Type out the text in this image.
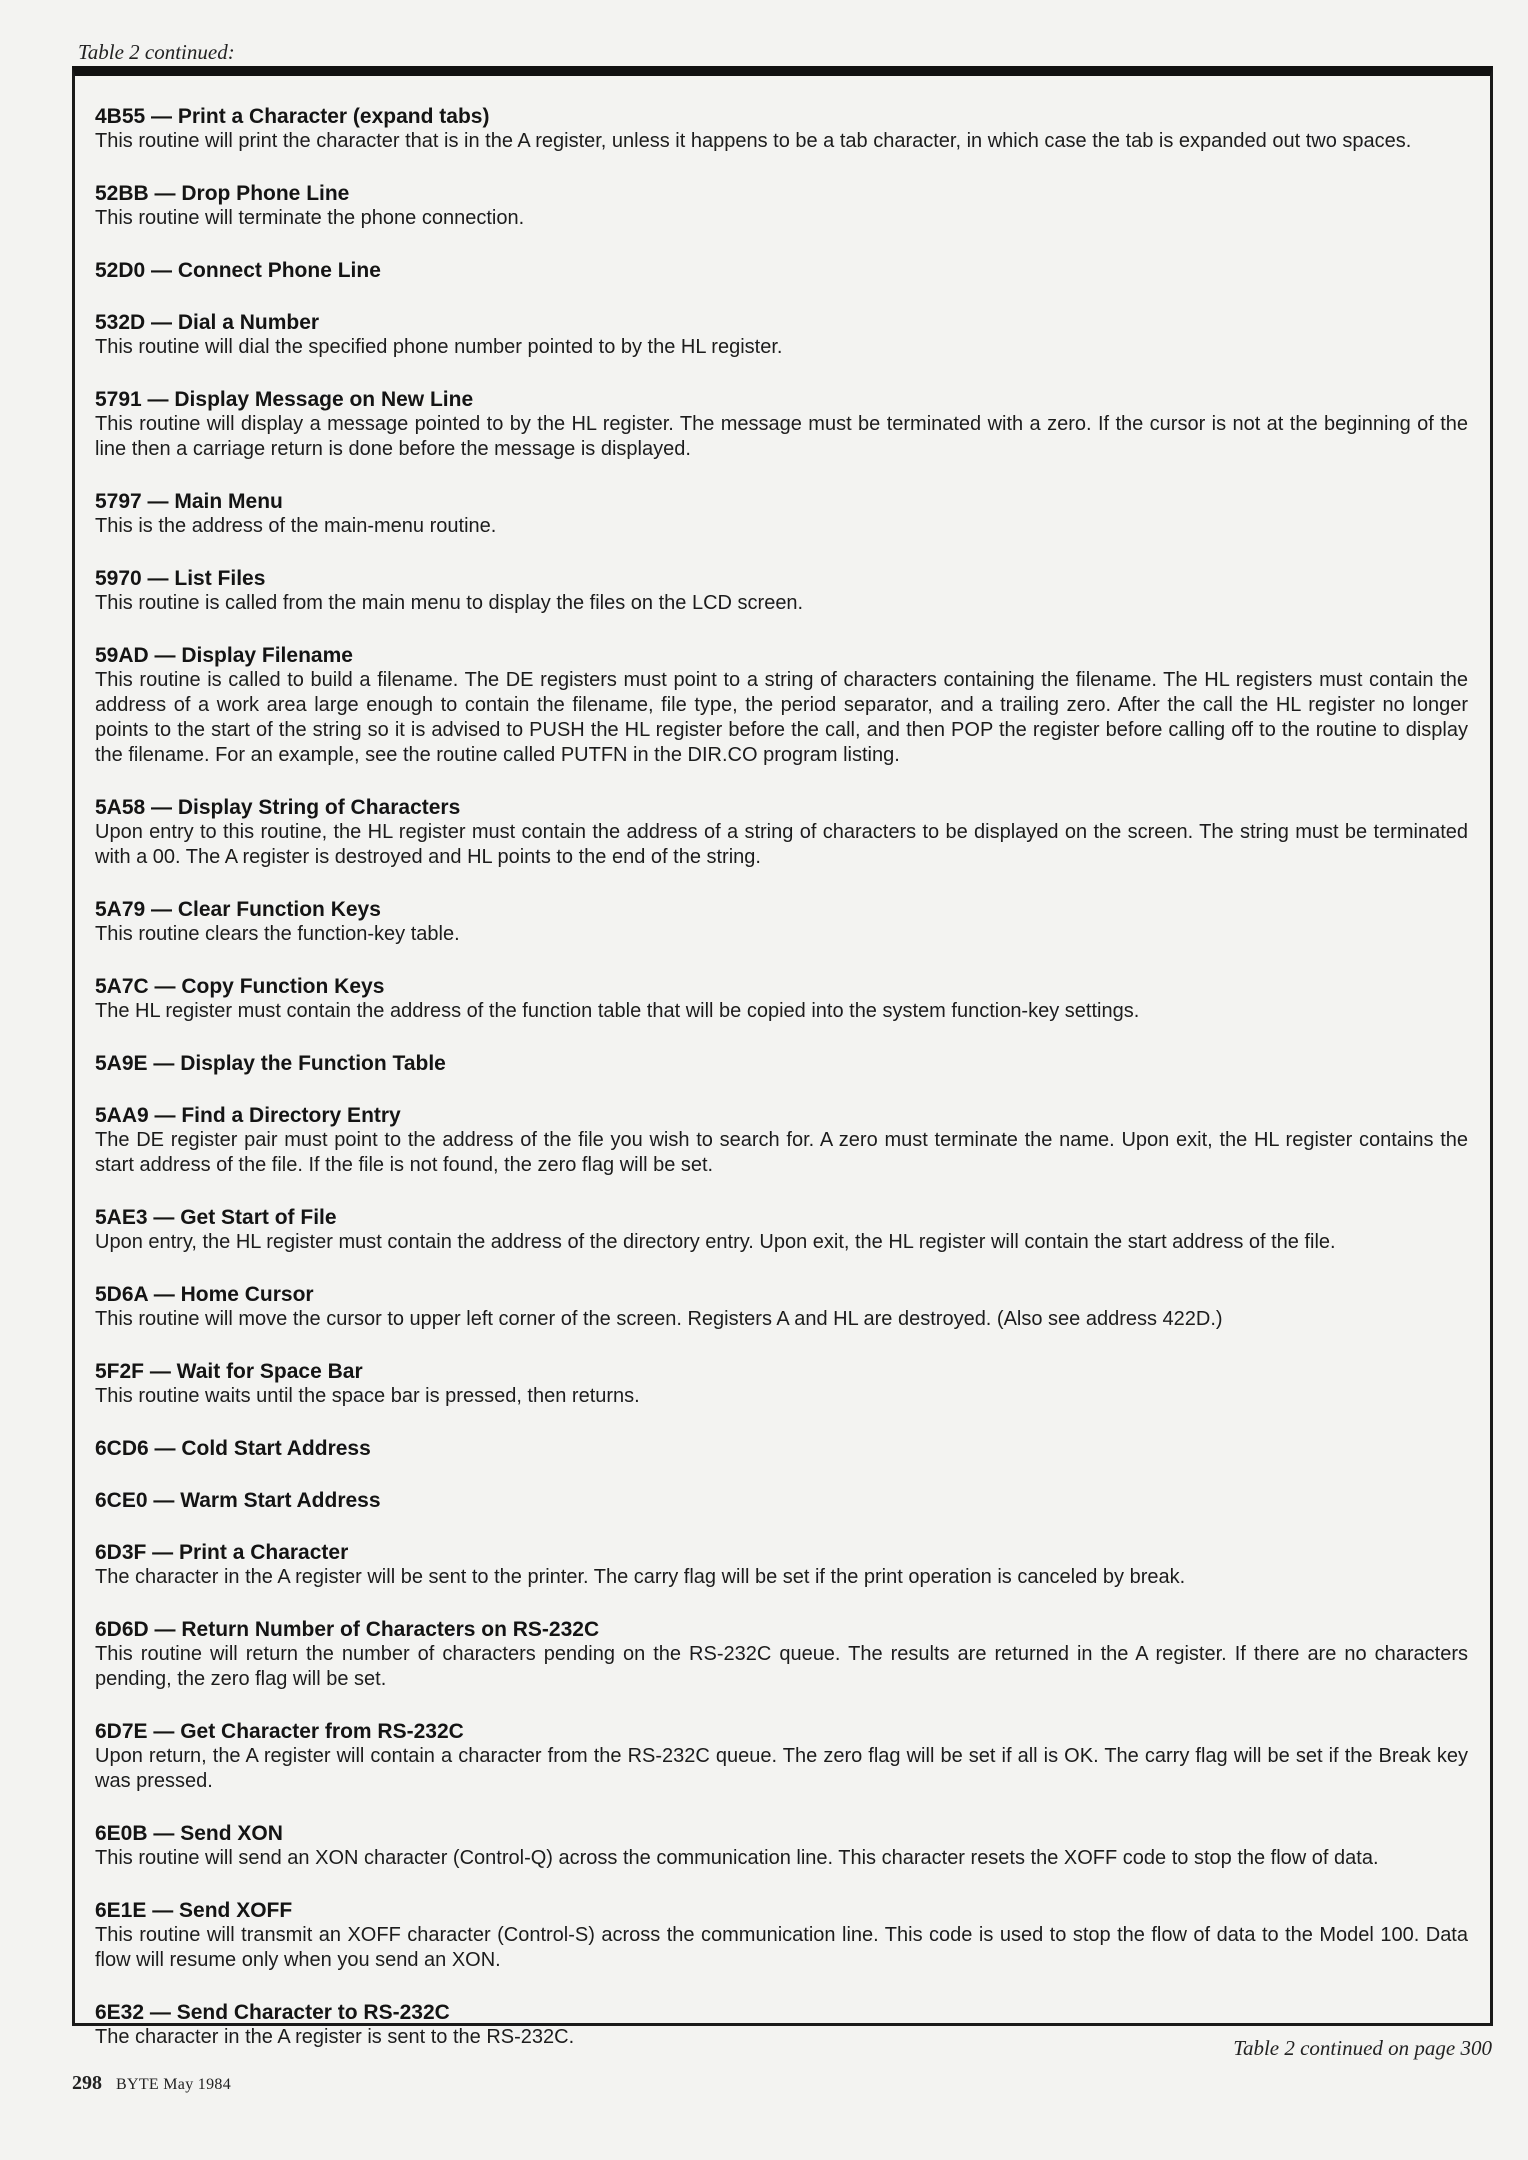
Table 2 continued:
4B55 — Print a Character (expand tabs)
This routine will print the character that is in the A register, unless it happens to be a tab character, in which case the tab is expanded out two spaces.
52BB — Drop Phone Line
This routine will terminate the phone connection.
52D0 — Connect Phone Line
532D — Dial a Number
This routine will dial the specified phone number pointed to by the HL register.
5791 — Display Message on New Line
This routine will display a message pointed to by the HL register. The message must be terminated with a zero. If the cursor is not at the beginning of the line then a carriage return is done before the message is displayed.
5797 — Main Menu
This is the address of the main-menu routine.
5970 — List Files
This routine is called from the main menu to display the files on the LCD screen.
59AD — Display Filename
This routine is called to build a filename. The DE registers must point to a string of characters containing the filename. The HL registers must contain the address of a work area large enough to contain the filename, file type, the period separator, and a trailing zero. After the call the HL register no longer points to the start of the string so it is advised to PUSH the HL register before the call, and then POP the register before calling off to the routine to display the filename. For an example, see the routine called PUTFN in the DIR.CO program listing.
5A58 — Display String of Characters
Upon entry to this routine, the HL register must contain the address of a string of characters to be displayed on the screen. The string must be terminated with a 00. The A register is destroyed and HL points to the end of the string.
5A79 — Clear Function Keys
This routine clears the function-key table.
5A7C — Copy Function Keys
The HL register must contain the address of the function table that will be copied into the system function-key settings.
5A9E — Display the Function Table
5AA9 — Find a Directory Entry
The DE register pair must point to the address of the file you wish to search for. A zero must terminate the name. Upon exit, the HL register contains the start address of the file. If the file is not found, the zero flag will be set.
5AE3 — Get Start of File
Upon entry, the HL register must contain the address of the directory entry. Upon exit, the HL register will contain the start address of the file.
5D6A — Home Cursor
This routine will move the cursor to upper left corner of the screen. Registers A and HL are destroyed. (Also see address 422D.)
5F2F — Wait for Space Bar
This routine waits until the space bar is pressed, then returns.
6CD6 — Cold Start Address
6CE0 — Warm Start Address
6D3F — Print a Character
The character in the A register will be sent to the printer. The carry flag will be set if the print operation is canceled by break.
6D6D — Return Number of Characters on RS-232C
This routine will return the number of characters pending on the RS-232C queue. The results are returned in the A register. If there are no characters pending, the zero flag will be set.
6D7E — Get Character from RS-232C
Upon return, the A register will contain a character from the RS-232C queue. The zero flag will be set if all is OK. The carry flag will be set if the Break key was pressed.
6E0B — Send XON
This routine will send an XON character (Control-Q) across the communication line. This character resets the XOFF code to stop the flow of data.
6E1E — Send XOFF
This routine will transmit an XOFF character (Control-S) across the communication line. This code is used to stop the flow of data to the Model 100. Data flow will resume only when you send an XON.
6E32 — Send Character to RS-232C
The character in the A register is sent to the RS-232C.	Table 2 continued on page 300
298 BYTE May 1984
